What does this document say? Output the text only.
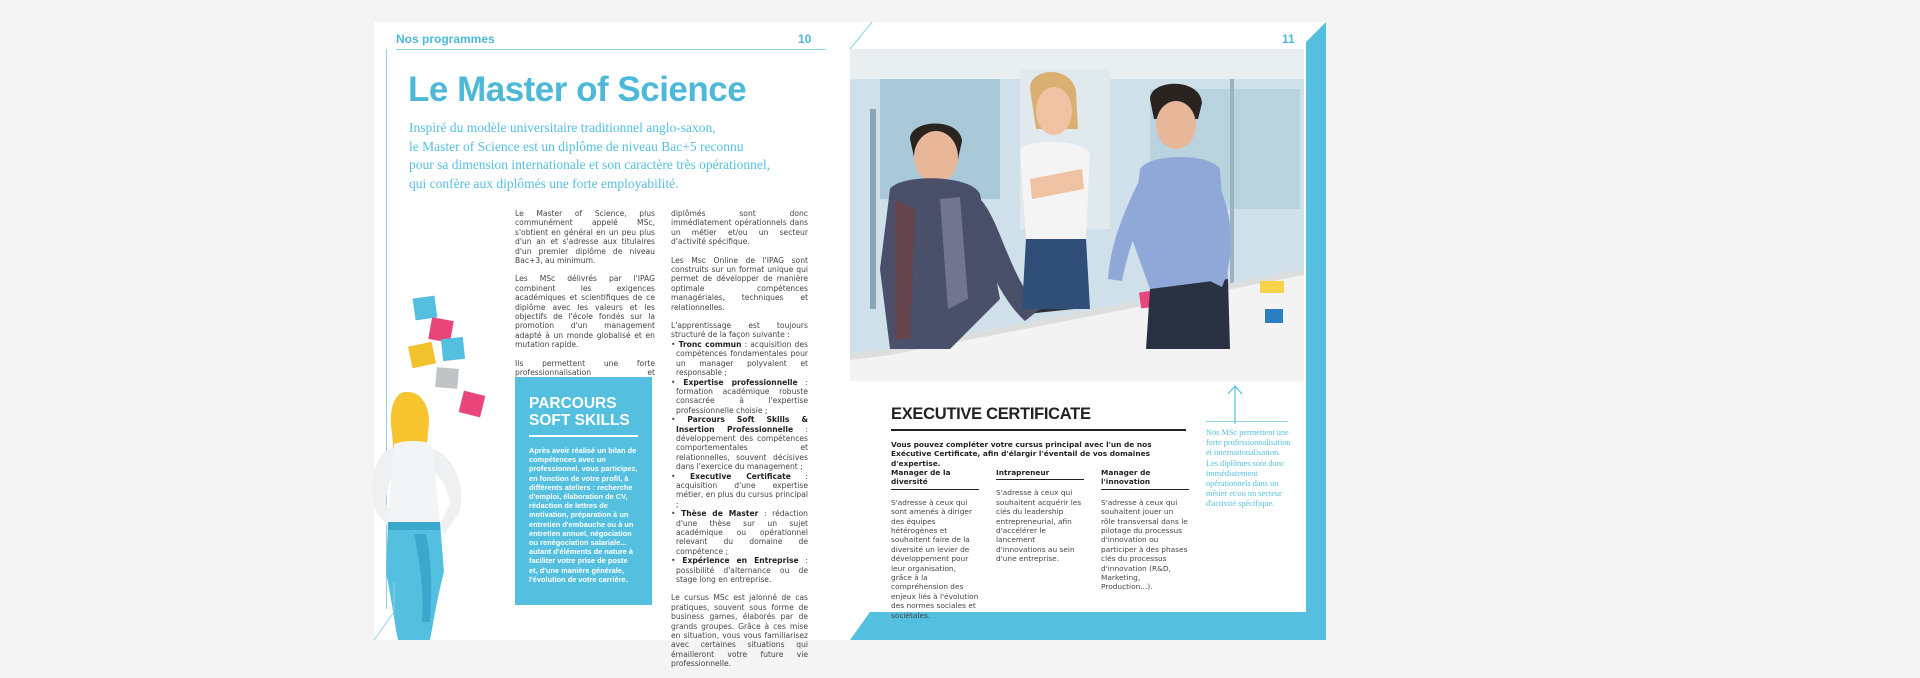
Nos programmes	10
Le Master of Science
Inspiré du modèle universitaire traditionnel anglo-saxon,
le Master of Science est un diplôme de niveau Bac+5 reconnu
pour sa dimension internationale et son caractère très opérationnel,
qui confère aux diplômés une forte employabilité.

Le Master of Science, plus communément appelé MSc, s'obtient en général en un peu plus d'un an et s'adresse aux titulaires d'un premier diplôme de niveau Bac+3, au minimum.

Les MSc délivrés par l'IPAG combinent les exigences académiques et scientifiques de ce diplôme avec les valeurs et les objectifs de l'école fondés sur la promotion d'un management adapté à un monde globalisé et en mutation rapide.

Ils permettent une forte professionnalisation et

diplômés sont donc immédiatement opérationnels dans un métier et/ou un secteur d'activité spécifique.

Les Msc Online de l'IPAG sont construits sur un format unique qui permet de développer de manière optimale compétences managériales, techniques et relationnelles.

L'apprentissage est toujours structuré de la façon suivante :

• Tronc commun : acquisition des compétences fondamentales pour un manager polyvalent et responsable ;
• Expertise professionnelle : formation académique robuste consacrée à l'expertise professionnelle choisie ;
• Parcours Soft Skills & Insertion Professionnelle : développement des compétences comportementales et relationnelles, souvent décisives dans l'exercice du management ;
• Executive Certificate : acquisition d'une expertise métier, en plus du cursus principal ;
• Thèse de Master : rédaction d'une thèse sur un sujet académique ou opérationnel relevant du domaine de compétence ;
• Expérience en Entreprise : possibilité d'alternance ou de stage long en entreprise.

Le cursus MSc est jalonné de cas pratiques, souvent sous forme de business games, élaborés par de grands groupes. Grâce à ces mise en situation, vous vous familiarisez avec certaines situations qui émailleront votre future vie professionnelle.

PARCOURS
SOFT SKILLS

Après avoir réalisé un bilan de compétences avec un professionnel, vous participez, en fonction de votre profil, à différents ateliers : recherche d'emploi, élaboration de CV, rédaction de lettres de motivation, préparation à un entretien d'embauche ou à un entretien annuel, négociation ou renégociation salariale... autant d'éléments de nature à faciliter votre prise de poste et, d'une manière générale, l'évolution de votre carrière.

11
EXECUTIVE CERTIFICATE

Vous pouvez compléter votre cursus principal avec l'un de nos Exécutive Certificate, afin d'élargir l'éventail de vos domaines d'expertise.

Manager de la diversité

S'adresse à ceux qui sont amenés à diriger des équipes hétérogènes et souhaitent faire de la diversité un levier de développement pour leur organisation, grâce à la compréhension des enjeux liés à l'évolution des normes sociales et sociétales.

Intrapreneur

S'adresse à ceux qui souhaitent acquérir les clés du leadership entrepreneurial, afin d'accélérer le lancement d'innovations au sein d'une entreprise.

Manager de l'innovation

S'adresse à ceux qui souhaitent jouer un rôle transversal dans le pilotage du processus d'innovation ou participer à des phases clés du processus d'innovation (R&D, Marketing, Production...).

Nos MSc permettent une forte professionnalisation et internationalisation. Les diplômes sont donc immédiatement opérationnels dans un métier et/ou un secteur d'activité spécifique.
